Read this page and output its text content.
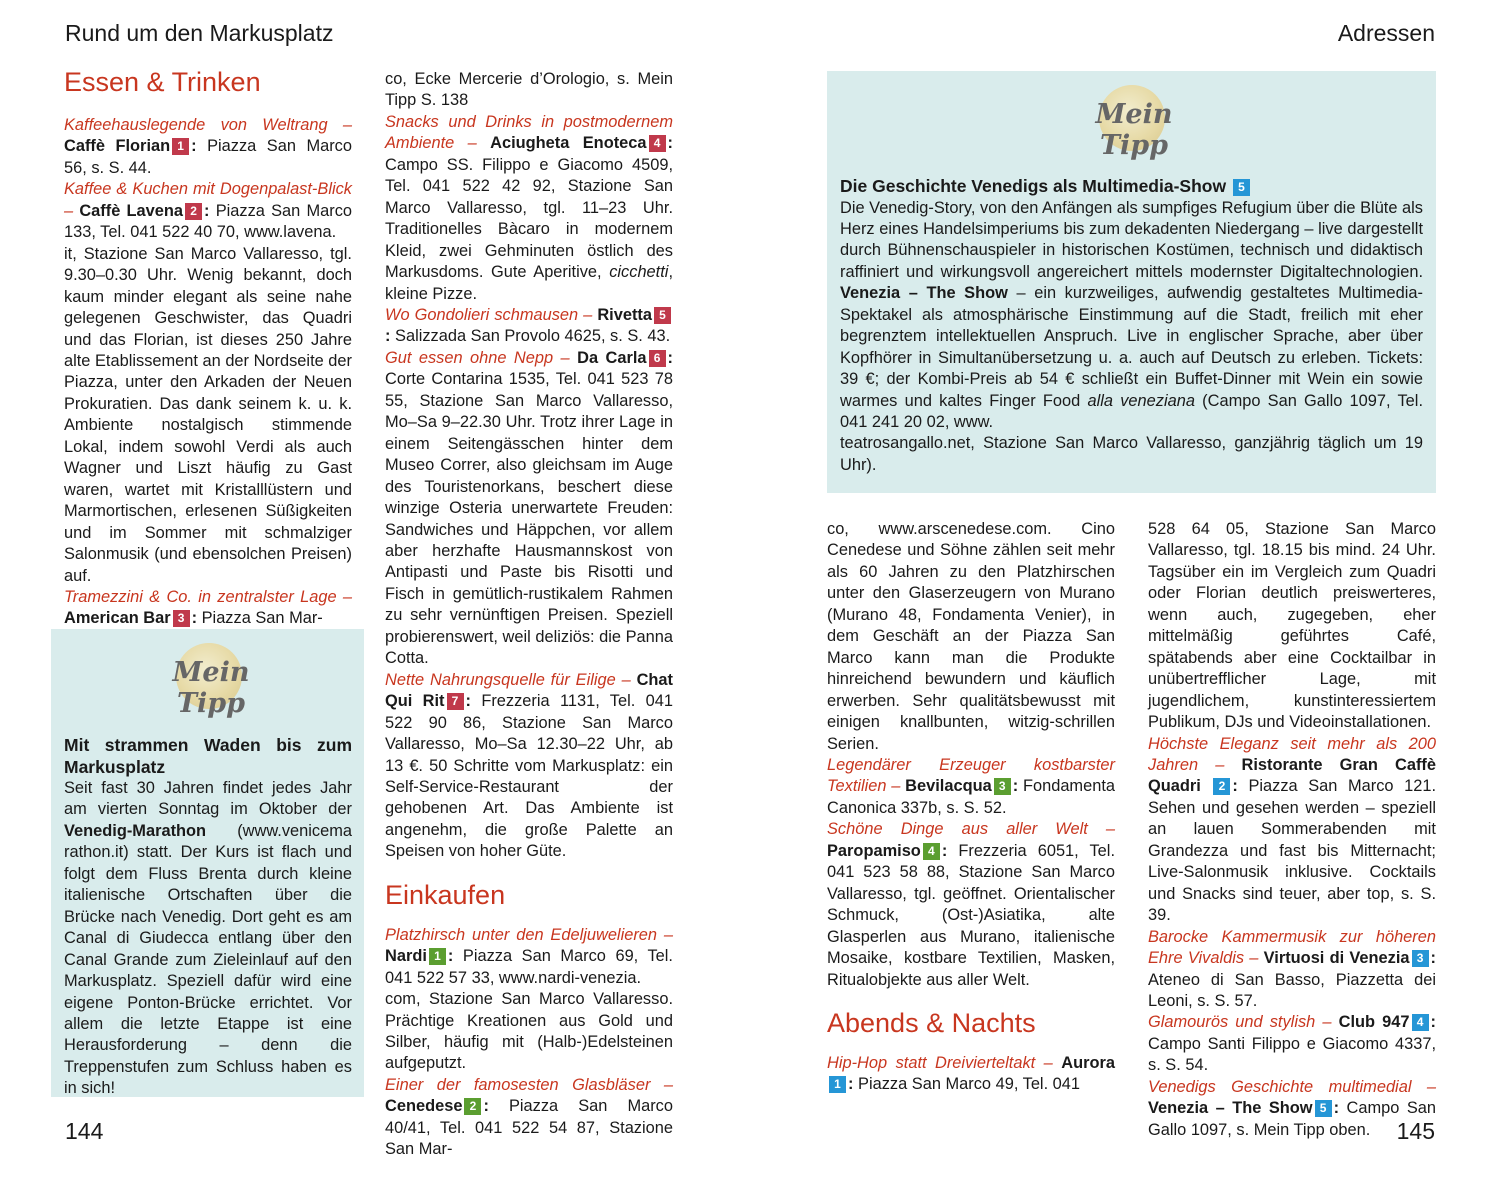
Rund um den Markusplatz	Adressen
Essen & Trinken

Kaffeehauslegende von Weltrang – Caffè Florian 1 : Piazza San Marco 56, s. S. 44.

Kaffee & Kuchen mit Dogenpalast-Blick – Caffè Lavena 2 : Piazza San Marco 133, Tel. 041 522 40 70, www.lavena.
it, Stazione San Marco Vallaresso, tgl. 9.30–0.30 Uhr. Wenig bekannt, doch kaum minder elegant als seine nahe gelegenen Geschwister, das Quadri und das Florian, ist dieses 250 Jahre alte Etablissement an der Nordseite der Piazza, unter den Arkaden der Neuen Prokuratien. Das dank seinem k. u. k. Ambiente nostalgisch stimmende Lokal, indem sowohl Verdi als auch Wagner und Liszt häufig zu Gast waren, wartet mit Kristalllüstern und Marmortischen, erlesenen Süßigkeiten und im Sommer mit schmalziger Salonmusik (und ebensolchen Preisen) auf.

Tramezzini & Co. in zentralster Lage – American Bar 3 : Piazza San Mar-

Mein Tipp
Mit strammen Waden bis zum Markusplatz

Seit fast 30 Jahren findet jedes Jahr am vierten Sonntag im Oktober der Venedig-Marathon (www.venicema rathon.it) statt. Der Kurs ist flach und folgt dem Fluss Brenta durch kleine italienische Ortschaften über die Brücke nach Venedig. Dort geht es am Canal di Giudecca entlang über den Canal Grande zum Zieleinlauf auf den Markusplatz. Speziell dafür wird eine eigene Ponton-Brücke errichtet. Vor allem die letzte Etappe ist eine Herausforderung – denn die Treppenstufen zum Schluss haben es in sich!

co, Ecke Mercerie d’Orologio, s. Mein Tipp S. 138

Snacks und Drinks in postmodernem Ambiente – Aciugheta Enoteca 4 : Campo SS. Filippo e Giacomo 4509, Tel. 041 522 42 92, Stazione San Marco Vallaresso, tgl. 11–23 Uhr. Traditionelles Bàcaro in modernem Kleid, zwei Gehminuten östlich des Markusdoms. Gute Aperitive, cicchetti, kleine Pizze.

Wo Gondolieri schmausen – Rivetta 5: Salizzada San Provolo 4625, s. S. 43.

Gut essen ohne Nepp – Da Carla 6 : Corte Contarina 1535, Tel. 041 523 78 55, Stazione San Marco Vallaresso, Mo–Sa 9–22.30 Uhr. Trotz ihrer Lage in einem Seitengässchen hinter dem Museo Correr, also gleichsam im Auge des Touristenorkans, beschert diese winzige Osteria unerwartete Freuden: Sandwiches und Häppchen, vor allem aber herzhafte Hausmannskost von Antipasti und Paste bis Risotti und Fisch in gemütlich-rustikalem Rahmen zu sehr vernünftigen Preisen. Speziell probierenswert, weil deliziös: die Panna Cotta.

Nette Nahrungsquelle für Eilige – Chat Qui Rit 7 : Frezzeria 1131, Tel. 041 522 90 86, Stazione San Marco Vallaresso, Mo–Sa 12.30–22 Uhr, ab 13 €. 50 Schritte vom Markusplatz: ein Self-Service-Restaurant der gehobenen Art. Das Ambiente ist angenehm, die große Palette an Speisen von hoher Güte.

Einkaufen

Platzhirsch unter den Edeljuwelieren – Nardi 1 : Piazza San Marco 69, Tel. 041 522 57 33, www.nardi-venezia.
com, Stazione San Marco Vallaresso. Prächtige Kreationen aus Gold und Silber, häufig mit (Halb-)Edelsteinen aufgeputzt.

Einer der famosesten Glasbläser – Cenedese 2 : Piazza San Marco 40/41, Tel. 041 522 54 87, Stazione San Mar-

144
Mein Tipp
Die Geschichte Venedigs als Multimedia-Show 5

Die Venedig-Story, von den Anfängen als sumpfiges Refugium über die Blüte als Herz eines Handelsimperiums bis zum dekadenten Niedergang – live dargestellt durch Bühnenschauspieler in historischen Kostümen, technisch und didaktisch raffiniert und wirkungsvoll angereichert mittels modernster Digitaltechnologien. Venezia – The Show – ein kurzweiliges, aufwendig gestaltetes Multimedia-Spektakel als atmosphärische Einstimmung auf die Stadt, freilich mit eher begrenztem intellektuellen Anspruch. Live in englischer Sprache, aber über Kopfhörer in Simultanübersetzung u. a. auch auf Deutsch zu erleben. Tickets: 39 €; der Kombi-Preis ab 54 € schließt ein Buffet-Dinner mit Wein ein sowie warmes und kaltes Finger Food alla veneziana (Campo San Gallo 1097, Tel. 041 241 20 02, www.
teatrosangallo.net, Stazione San Marco Vallaresso, ganzjährig täglich um 19 Uhr).

co, www.arscenedese.com. Cino Cenedese und Söhne zählen seit mehr als 60 Jahren zu den Platzhirschen unter den Glaserzeugern von Murano (Murano 48, Fondamenta Venier), in dem Geschäft an der Piazza San Marco kann man die Produkte hinreichend bewundern und käuflich erwerben. Sehr qualitätsbewusst mit einigen knallbunten, witzig-schrillen Serien.

Legendärer Erzeuger kostbarster Textilien – Bevilacqua 3 : Fondamenta Canonica 337b, s. S. 52.

Schöne Dinge aus aller Welt – Paropamiso 4 : Frezzeria 6051, Tel. 041 523 58 88, Stazione San Marco Vallaresso, tgl. geöffnet. Orientalischer Schmuck, (Ost-)Asiatika, alte Glasperlen aus Murano, italienische Mosaike, kostbare Textilien, Masken, Ritualobjekte aus aller Welt.

Abends & Nachts

Hip-Hop statt Dreivierteltakt – Aurora 1 : Piazza San Marco 49, Tel. 041

528 64 05, Stazione San Marco Vallaresso, tgl. 18.15 bis mind. 24 Uhr. Tagsüber ein im Vergleich zum Quadri oder Florian deutlich preiswerteres, wenn auch, zugegeben, eher mittelmäßig geführtes Café, spätabends aber eine Cocktailbar in unübertrefflicher Lage, mit jugendlichem, kunstinteressiertem Publikum, DJs und Videoinstallationen.

Höchste Eleganz seit mehr als 200 Jahren – Ristorante Gran Caffè Quadri 2 : Piazza San Marco 121. Sehen und gesehen werden – speziell an lauen Sommerabenden mit Grandezza und fast bis Mitternacht; Live-Salonmusik inklusive. Cocktails und Snacks sind teuer, aber top, s. S. 39.

Barocke Kammermusik zur höheren Ehre Vivaldis – Virtuosi di Venezia 3 : Ateneo di San Basso, Piazzetta dei Leoni, s. S. 57.

Glamourös und stylish – Club 947 4 : Campo Santi Filippo e Giacomo 4337, s. S. 54.

Venedigs Geschichte multimedial – Venezia – The Show 5 : Campo San Gallo 1097, s. Mein Tipp oben.	145
